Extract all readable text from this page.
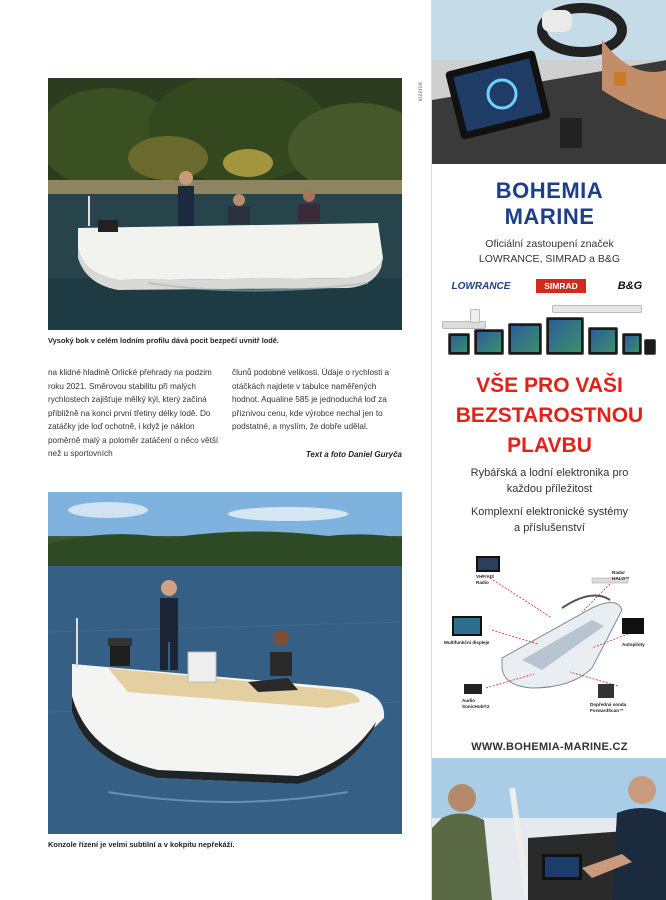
Vysoký bok v celém lodním profilu dává pocit bezpečí uvnitř lodě.
na klidné hladině Orlické přehrady na podzim roku 2021. Směrovou stabilitu při malých rychlostech zajišťuje mělký kýl, který začíná přibližně na konci první třetiny délky lodě. Do zatáčky jde loď ochotně, i když je náklon poměrně malý a poloměr zatáčení o něco větší než u sportovních
člunů podobné velikosti. Údaje o rychlosti a otáčkách najdete v tabulce naměřených hodnot. Aqualine 585 je jednoduchá loď za příznivou cenu, kde výrobce nechal jen to podstatné, a myslím, že dobře udělal.
Text a foto Daniel Guryča
Konzole řízení je velmi subtilní a v kokpitu nepřekáží.
inzerce
BOHEMIA
MARINE
Oficiální zastoupení značek
LOWRANCE, SIMRAD a B&G
LOWRANCE	SIMRAD	B&G
VŠE PRO VAŠI
BEZSTAROSTNOU
PLAVBU
Rybářská a lodní elektronika pro
každou příležitost
Komplexní elektronické systémy
a příslušenství
VHF/AIS
Radio
Radar
HALO™
Multifunkční displeje	Autopiloty
Audio
SonicHub®2	Dopředná sonda
ForwardScan™
WWW.BOHEMIA-MARINE.CZ
